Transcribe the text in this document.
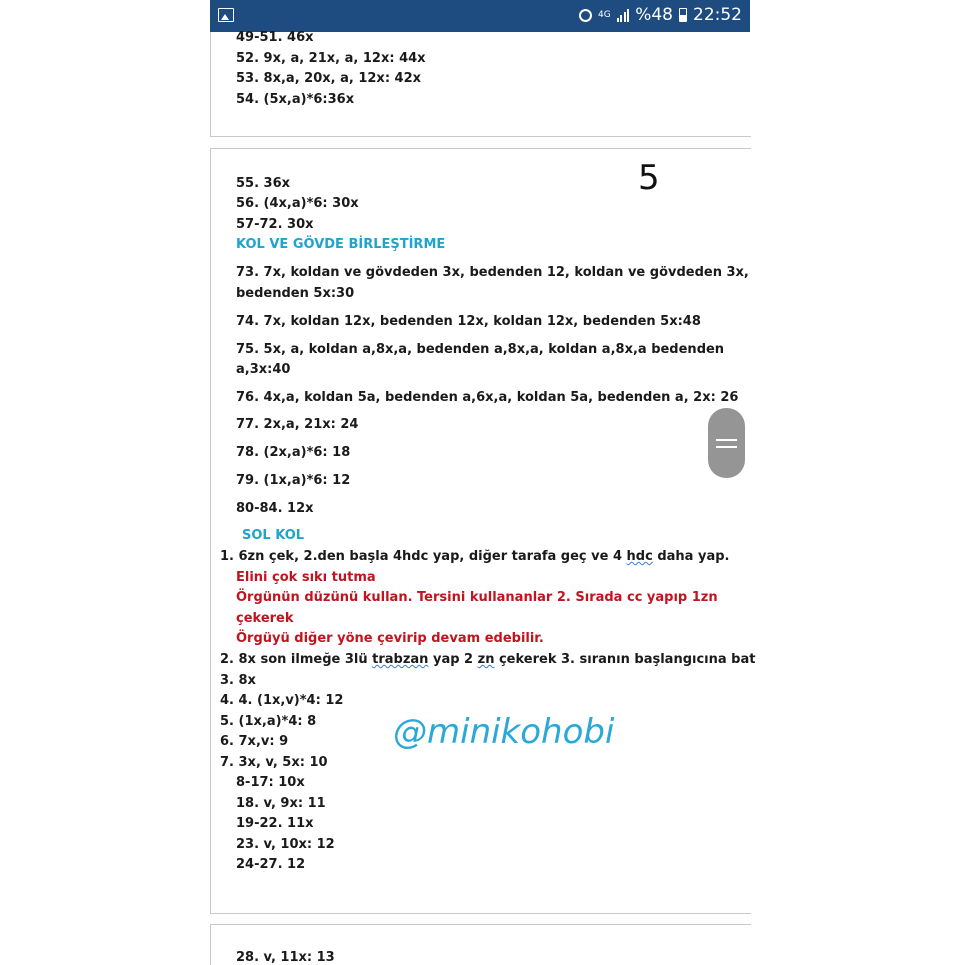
4G %48 22:52
49-51. 46x
52. 9x, a, 21x, a, 12x: 44x
53. 8x,a, 20x, a, 12x: 42x
54. (5x,a)*6:36x
5
55. 36x
56. (4x,a)*6: 30x
57-72. 30x
KOL VE GÖVDE BİRLEŞTİRME
73. 7x, koldan ve gövdeden 3x, bedenden 12, koldan ve gövdeden 3x,
bedenden 5x:30
74. 7x, koldan 12x, bedenden 12x, koldan 12x, bedenden 5x:48
75. 5x, a, koldan a,8x,a, bedenden a,8x,a, koldan a,8x,a bedenden
a,3x:40
76. 4x,a, koldan 5a, bedenden a,6x,a, koldan 5a, bedenden a, 2x: 26
77. 2x,a, 21x: 24
78. (2x,a)*6: 18
79. (1x,a)*6: 12
80-84. 12x
SOL KOL
1. 6zn çek, 2.den başla 4hdc yap, diğer tarafa geç ve 4 hdc daha yap.
Elini çok sıkı tutma
Örgünün düzünü kullan. Tersini kullananlar 2. Sırada cc yapıp 1zn
çekerek
Örgüyü diğer yöne çevirip devam edebilir.
2. 8x son ilmeğe 3lü trabzan yap 2 zn çekerek 3. sıranın başlangıcına bat
3. 8x
4. 4. (1x,v)*4: 12
5. (1x,a)*4: 8
6. 7x,v: 9
7. 3x, v, 5x: 10
8-17: 10x
18. v, 9x: 11
19-22. 11x
23. v, 10x: 12
24-27. 12
@minikohobi
28. v, 11x: 13
